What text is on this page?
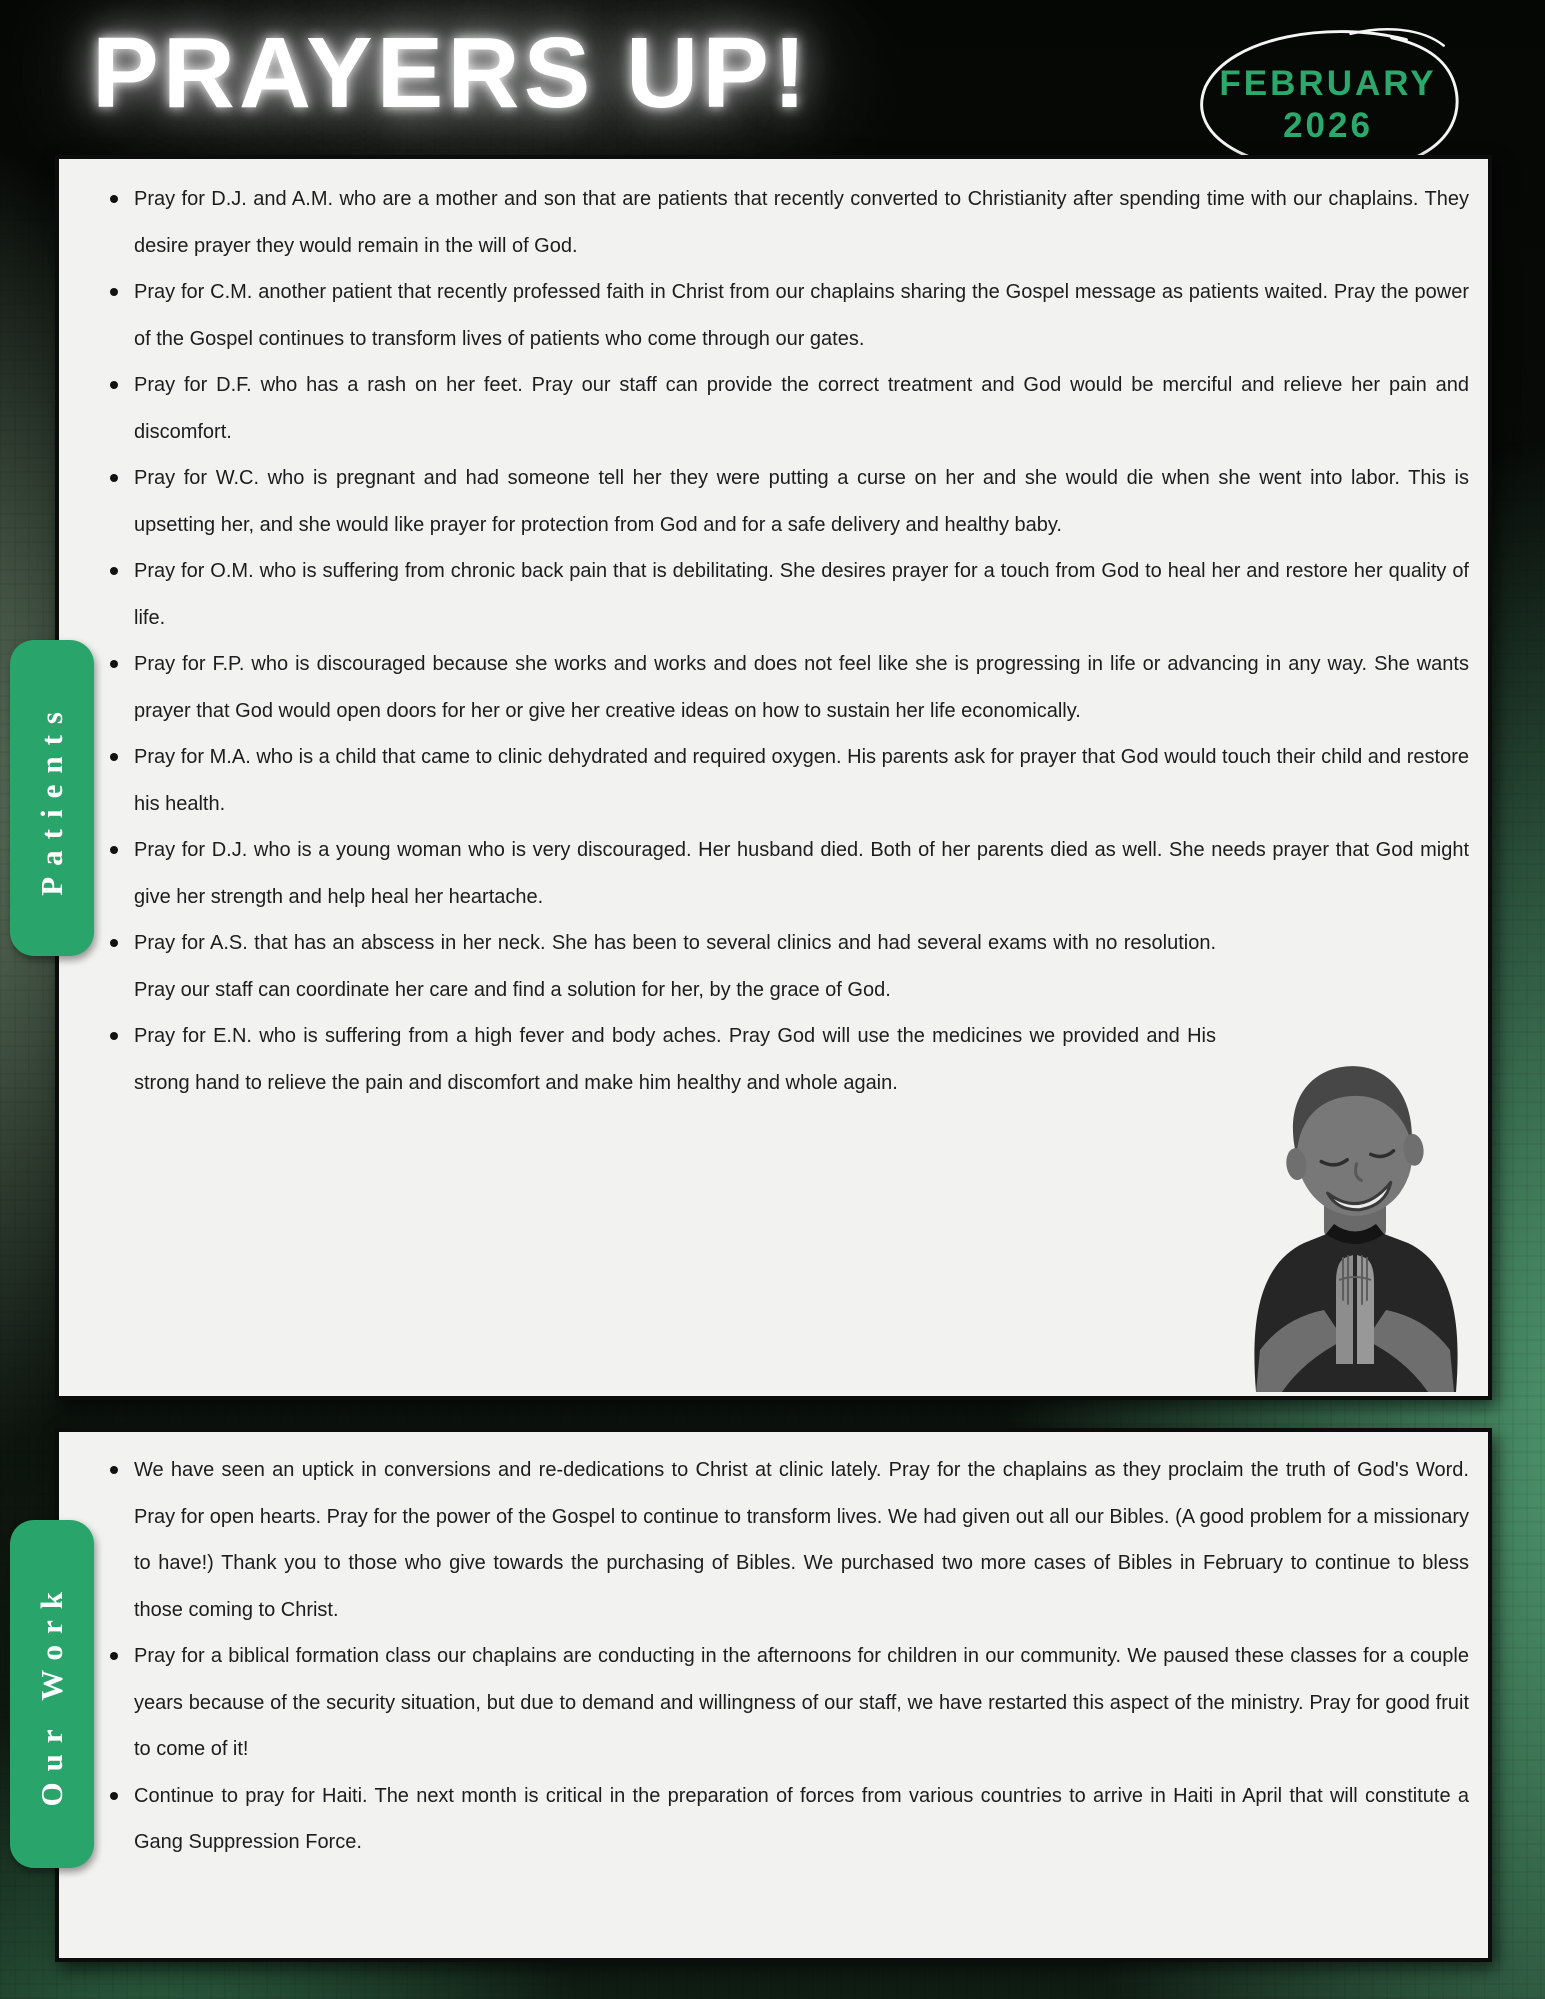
PRAYERS UP!	FEBRUARY
2026
Pray for D.J. and A.M. who are a mother and son that are patients that recently converted to Christianity after spending time with our chaplains. They desire prayer they would remain in the will of God.
Pray for C.M. another patient that recently professed faith in Christ from our chaplains sharing the Gospel message as patients waited. Pray the power of the Gospel continues to transform lives of patients who come through our gates.
Pray for D.F. who has a rash on her feet. Pray our staff can provide the correct treatment and God would be merciful and relieve her pain and discomfort.
Pray for W.C. who is pregnant and had someone tell her they were putting a curse on her and she would die when she went into labor. This is upsetting her, and she would like prayer for protection from God and for a safe delivery and healthy baby.
Pray for O.M. who is suffering from chronic back pain that is debilitating. She desires prayer for a touch from God to heal her and restore her quality of life.
Pray for F.P. who is discouraged because she works and works and does not feel like she is progressing in life or advancing in any way. She wants prayer that God would open doors for her or give her creative ideas on how to sustain her life economically.
Pray for M.A. who is a child that came to clinic dehydrated and required oxygen. His parents ask for prayer that God would touch their child and restore his health.
Pray for D.J. who is a young woman who is very discouraged. Her husband died. Both of her parents died as well. She needs prayer that God might give her strength and help heal her heartache.
Pray for A.S. that has an abscess in her neck. She has been to several clinics and had several exams with no resolution. Pray our staff can coordinate her care and find a solution for her, by the grace of God.
Pray for E.N. who is suffering from a high fever and body aches. Pray God will use the medicines we provided and His strong hand to relieve the pain and discomfort and make him healthy and whole again.
We have seen an uptick in conversions and re-dedications to Christ at clinic lately. Pray for the chaplains as they proclaim the truth of God's Word. Pray for open hearts. Pray for the power of the Gospel to continue to transform lives. We had given out all our Bibles. (A good problem for a missionary to have!) Thank you to those who give towards the purchasing of Bibles. We purchased two more cases of Bibles in February to continue to bless those coming to Christ.
Pray for a biblical formation class our chaplains are conducting in the afternoons for children in our community. We paused these classes for a couple years because of the security situation, but due to demand and willingness of our staff, we have restarted this aspect of the ministry. Pray for good fruit to come of it!
Continue to pray for Haiti. The next month is critical in the preparation of forces from various countries to arrive in Haiti in April that will constitute a Gang Suppression Force.
Patients
Our Work
